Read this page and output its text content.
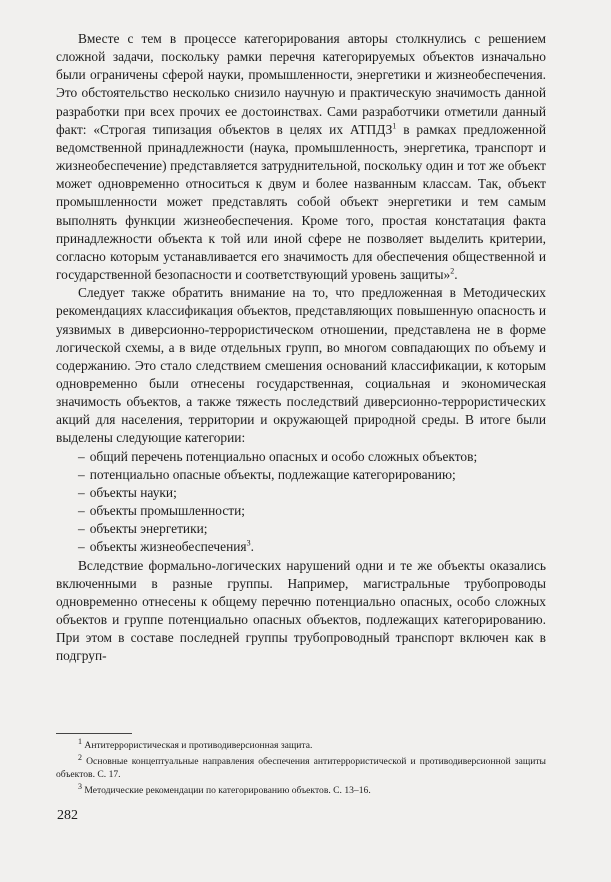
Вместе с тем в процессе категорирования авторы столкнулись с решением сложной задачи, поскольку рамки перечня категорируемых объектов изначально были ограничены сферой науки, промышленности, энергетики и жизнеобеспечения. Это обстоятельство несколько снизило научную и практическую значимость данной разработки при всех прочих ее достоинствах. Сами разработчики отметили данный факт: «Строгая типизация объектов в целях их АТПДЗ$^1$ в рамках предложенной ведомственной принадлежности (наука, промышленность, энергетика, транспорт и жизнеобеспечение) представляется затруднительной, поскольку один и тот же объект может одновременно относиться к двум и более названным классам. Так, объект промышленности может представлять собой объект энергетики и тем самым выполнять функции жизнеобеспечения. Кроме того, простая констатация факта принадлежности объекта к той или иной сфере не позволяет выделить критерии, согласно которым устанавливается его значимость для обеспечения общественной и государственной безопасности и соответствующий уровень защиты»$^2$.

Следует также обратить внимание на то, что предложенная в Методических рекомендациях классификация объектов, представляющих повышенную опасность и уязвимых в диверсионно-террористическом отношении, представлена не в форме логической схемы, а в виде отдельных групп, во многом совпадающих по объему и содержанию. Это стало следствием смешения оснований классификации, к которым одновременно были отнесены государственная, социальная и экономическая значимость объектов, а также тяжесть последствий диверсионно-террористических акций для населения, территории и окружающей природной среды. В итоге были выделены следующие категории:

– общий перечень потенциально опасных и особо сложных объектов;
– потенциально опасные объекты, подлежащие категорированию;
– объекты науки;
– объекты промышленности;
– объекты энергетики;
– объекты жизнеобеспечения$^3$.

Вследствие формально-логических нарушений одни и те же объекты оказались включенными в разные группы. Например, магистральные трубопроводы одновременно отнесены к общему перечню потенциально опасных, особо сложных объектов и группе потенциально опасных объектов, подлежащих категорированию. При этом в составе последней группы трубопроводный транспорт включен как в подгруп-

$^1$ Антитеррористическая и противодиверсионная защита.

$^2$ Основные концептуальные направления обеспечения антитеррористической и противодиверсионной защиты объектов. С. 17.

$^3$ Методические рекомендации по категорированию объектов. С. 13–16.

282
